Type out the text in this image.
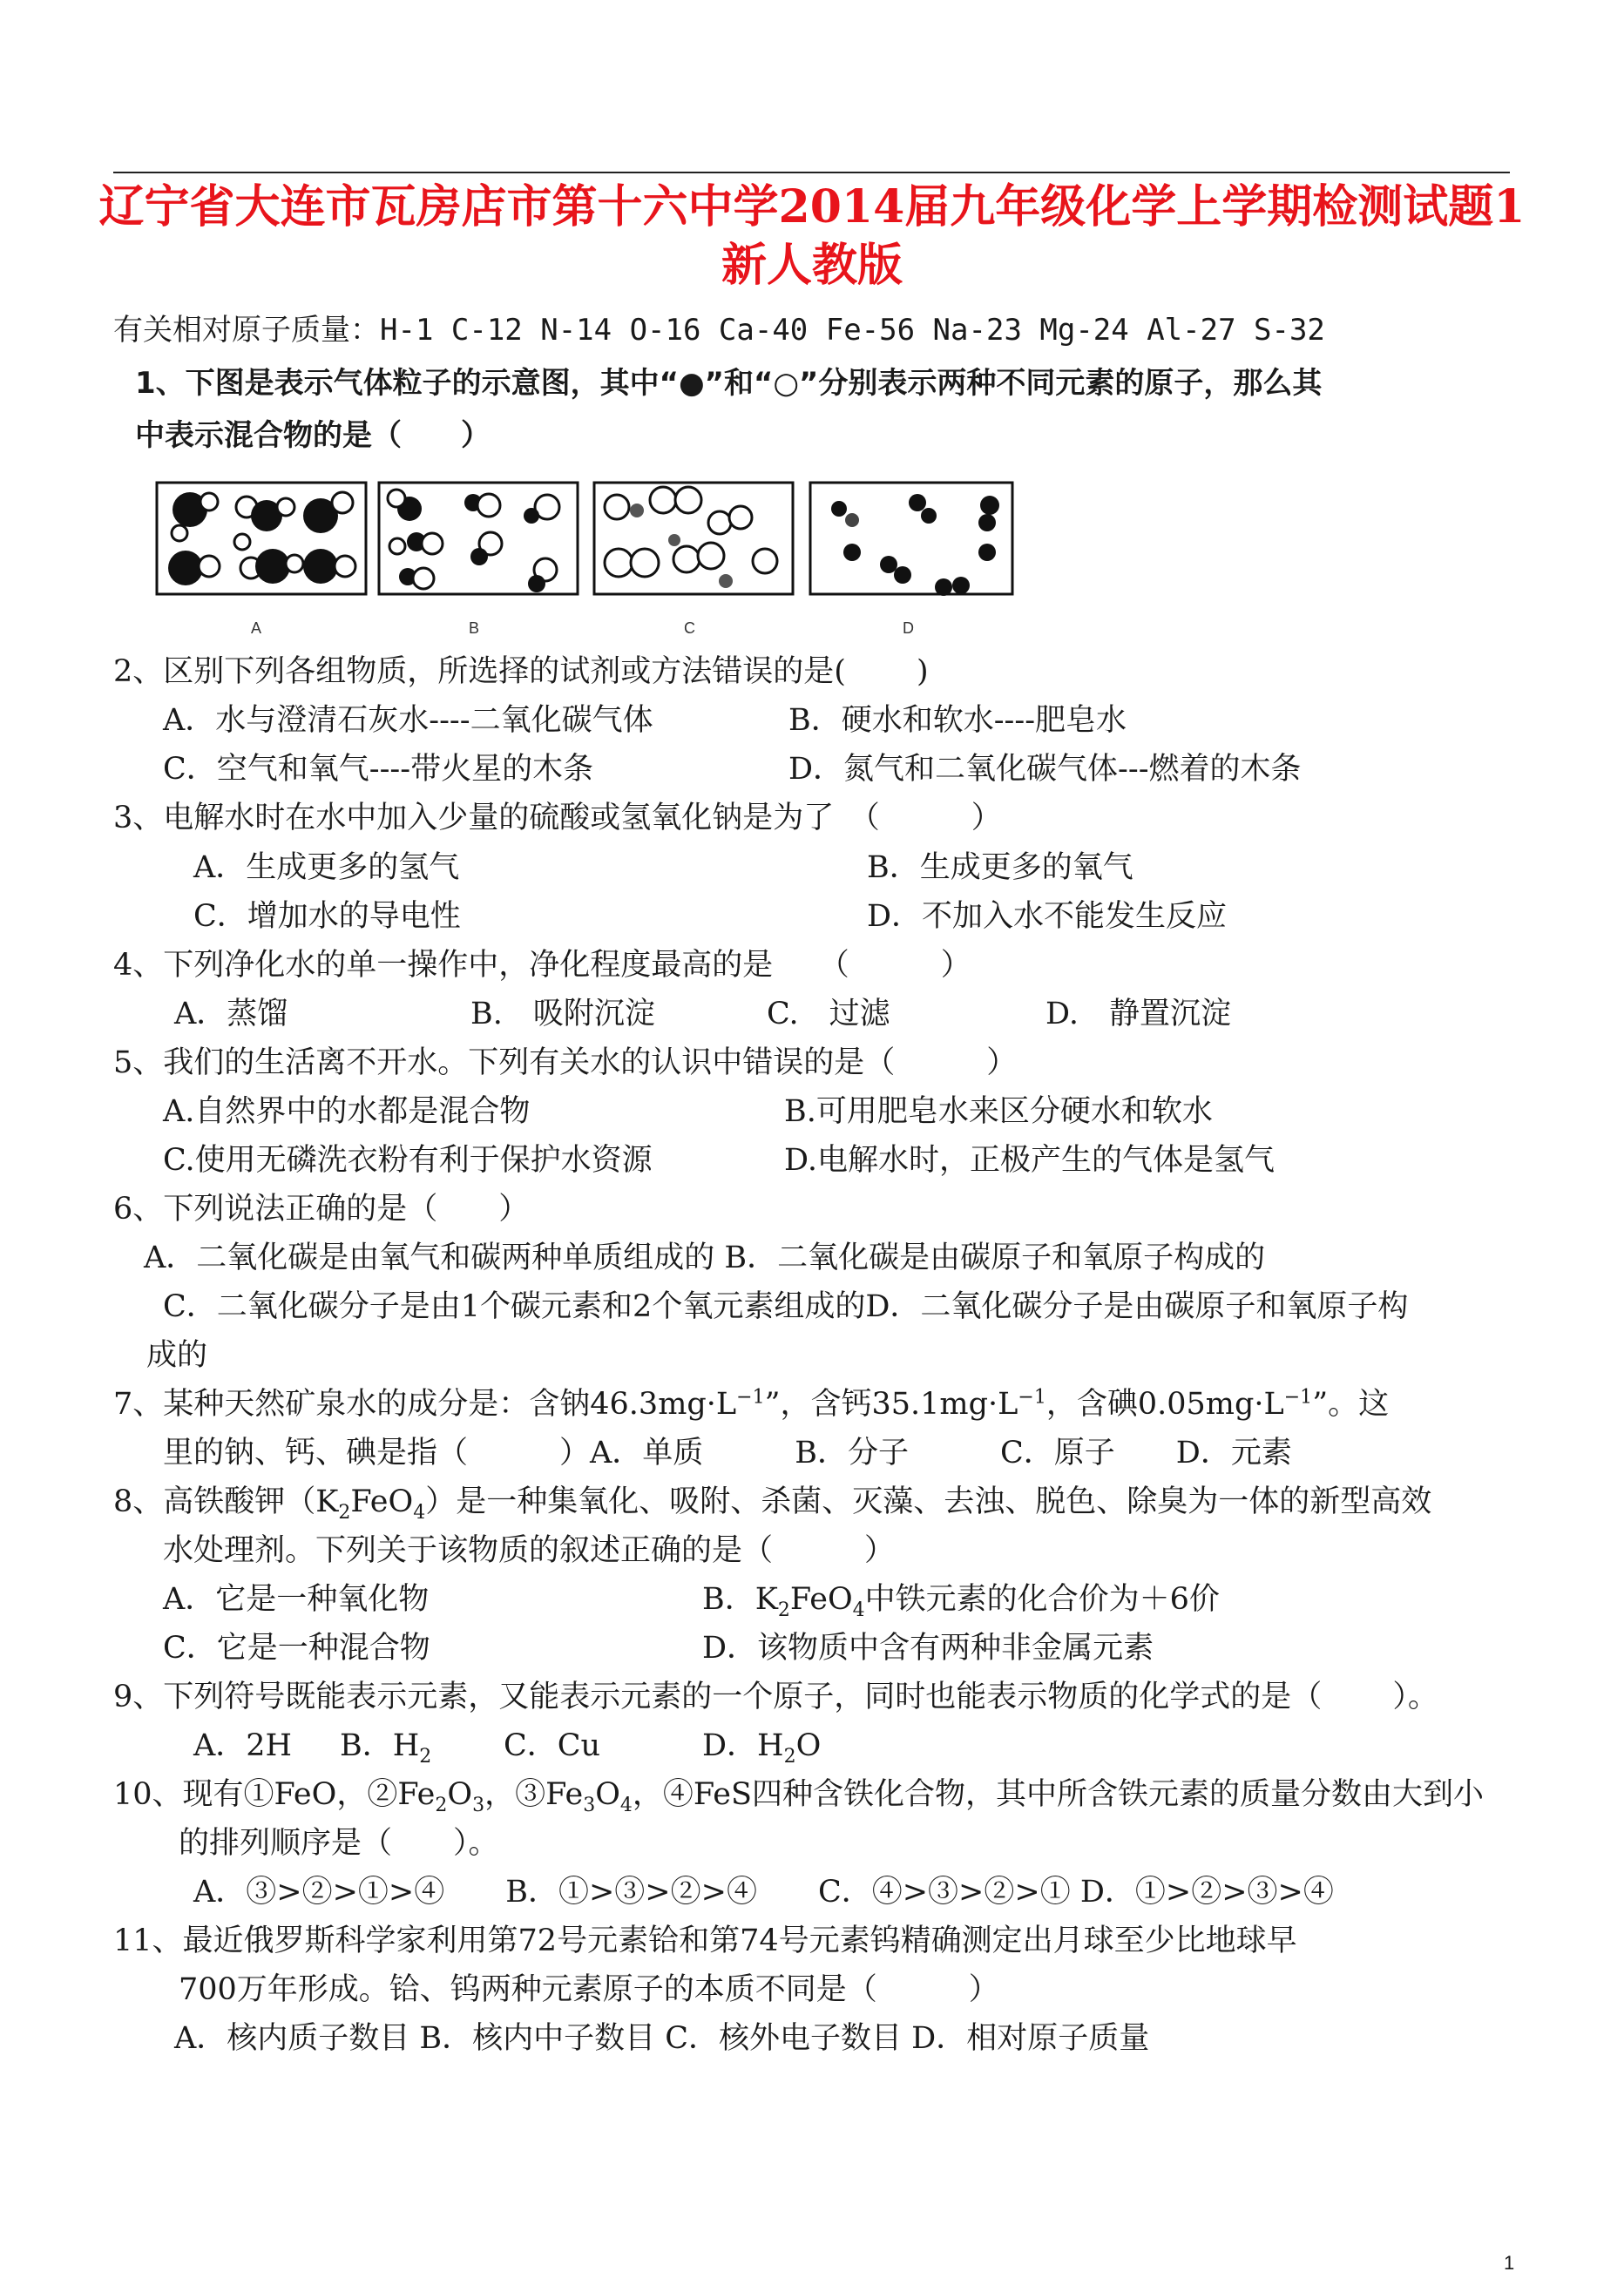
辽宁省大连市瓦房店市第十六中学2014届九年级化学上学期检测试题1
新人教版
有关相对原子质量：H-1 C-12 N-14 O-16 Ca-40 Fe-56 Na-23 Mg-24 Al-27 S-32
1、下图是表示气体粒子的示意图，其中“●”和“○”分别表示两种不同元素的原子，那么其
中表示混合物的是（　　）
A	B	C	D
2、区别下列各组物质，所选择的试剂或方法错误的是(　　 )
A．水与澄清石灰水----二氧化碳气体	B．硬水和软水----肥皂水
C．空气和氧气----带火星的木条	D．氮气和二氧化碳气体---燃着的木条
3、电解水时在水中加入少量的硫酸或氢氧化钠是为了　（　　　）
A．生成更多的氢气	B．生成更多的氧气
C．增加水的导电性	D．不加入水不能发生反应
4、下列净化水的单一操作中，净化程度最高的是　　（　　　）
A．蒸馏	B.　吸附沉淀	C.　过滤	D.　静置沉淀
5、我们的生活离不开水。下列有关水的认识中错误的是（　　　）
A.自然界中的水都是混合物	B.可用肥皂水来区分硬水和软水
C.使用无磷洗衣粉有利于保护水资源	D.电解水时，正极产生的气体是氢气
6、下列说法正确的是（　　）
A．二氧化碳是由氧气和碳两种单质组成的 B．二氧化碳是由碳原子和氧原子构成的
C．二氧化碳分子是由1个碳元素和2个氧元素组成的D．二氧化碳分子是由碳原子和氧原子构
成的
7、某种天然矿泉水的成分是：含钠$46.3mg\cdot L^{-1}$”，含钙$35.1mg\cdot L^{-1}$，含碘$0.05mg\cdot L^{-1}$”。这
里的钠、钙、碘是指（　　　）A．单质　　　B．分子　　　C．原子　　D．元素
8、高铁酸钾$(K_2FeO_4)$是一种集氧化、吸附、杀菌、灭藻、去浊、脱色、除臭为一体的新型高效
水处理剂。下列关于该物质的叙述正确的是（　　　）
A．它是一种氧化物	B．$K_2FeO_4$中铁元素的化合价为＋6价
C．它是一种混合物	D．该物质中含有两种非金属元素
9、下列符号既能表示元素，又能表示元素的一个原子，同时也能表示物质的化学式的是（　　 ）。
A．2H B．$H_2$ C．Cu	D．$H_2O$
10、现有①FeO，$②Fe_2O_3$，$③Fe_3O_4$，④FeS四种含铁化合物，其中所含铁元素的质量分数由大到小
的排列顺序是（　　）。
A．③>②>①>④　　B．①>③>②>④　　C．④>③>②>① D．①>②>③>④
11、最近俄罗斯科学家利用第72号元素铪和第74号元素钨精确测定出月球至少比地球早
700万年形成。铪、钨两种元素原子的本质不同是（　　　）
A．核内质子数目 B．核内中子数目 C．核外电子数目 D．相对原子质量
1
